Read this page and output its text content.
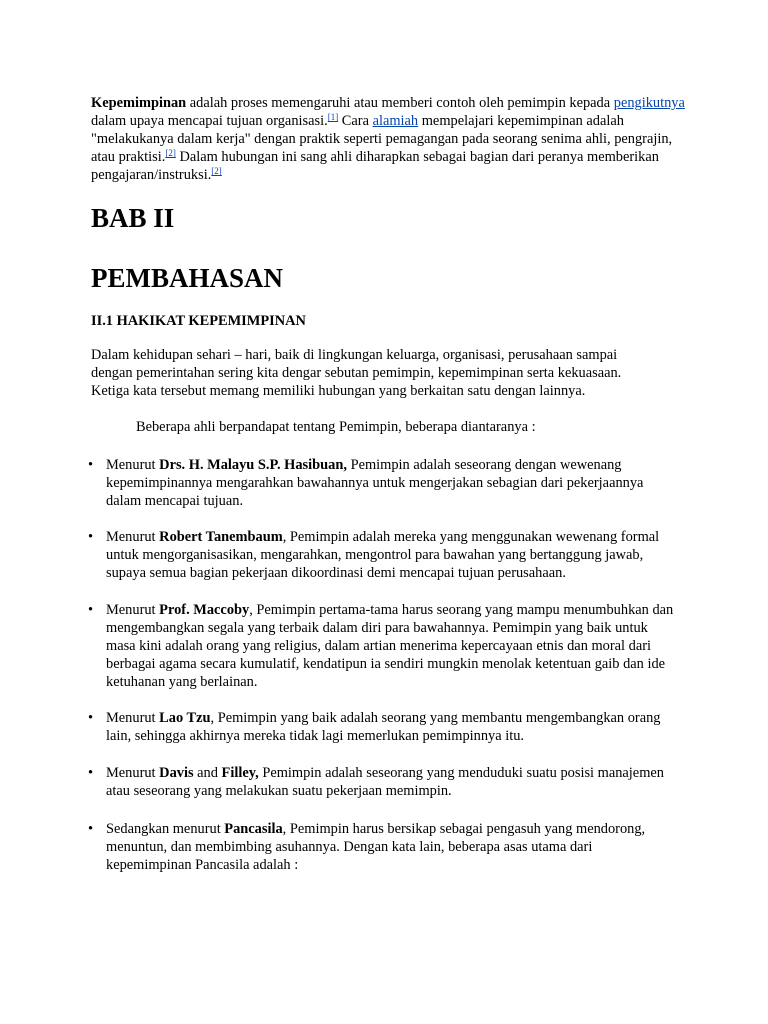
Kepemimpinan adalah proses memengaruhi atau memberi contoh oleh pemimpin kepada pengikutnya dalam upaya mencapai tujuan organisasi.[1] Cara alamiah mempelajari kepemimpinan adalah "melakukanya dalam kerja" dengan praktik seperti pemagangan pada seorang senima ahli, pengrajin, atau praktisi.[2] Dalam hubungan ini sang ahli diharapkan sebagai bagian dari peranya memberikan pengajaran/instruksi.[2]

BAB II
PEMBAHASAN
II.1 HAKIKAT KEPEMIMPINAN

Dalam kehidupan sehari – hari, baik di lingkungan keluarga, organisasi, perusahaan sampai dengan pemerintahan sering kita dengar sebutan pemimpin, kepemimpinan serta kekuasaan. Ketiga kata tersebut memang memiliki hubungan yang berkaitan satu dengan lainnya.

Beberapa ahli berpandapat tentang Pemimpin, beberapa diantaranya :

• Menurut Drs. H. Malayu S.P. Hasibuan, Pemimpin adalah seseorang dengan wewenang kepemimpinannya mengarahkan bawahannya untuk mengerjakan sebagian dari pekerjaannya dalam mencapai tujuan.
• Menurut Robert Tanembaum, Pemimpin adalah mereka yang menggunakan wewenang formal untuk mengorganisasikan, mengarahkan, mengontrol para bawahan yang bertanggung jawab, supaya semua bagian pekerjaan dikoordinasi demi mencapai tujuan perusahaan.
• Menurut Prof. Maccoby, Pemimpin pertama-tama harus seorang yang mampu menumbuhkan dan mengembangkan segala yang terbaik dalam diri para bawahannya. Pemimpin yang baik untuk masa kini adalah orang yang religius, dalam artian menerima kepercayaan etnis dan moral dari berbagai agama secara kumulatif, kendatipun ia sendiri mungkin menolak ketentuan gaib dan ide ketuhanan yang berlainan.
• Menurut Lao Tzu, Pemimpin yang baik adalah seorang yang membantu mengembangkan orang lain, sehingga akhirnya mereka tidak lagi memerlukan pemimpinnya itu.
• Menurut Davis and Filley, Pemimpin adalah seseorang yang menduduki suatu posisi manajemen atau seseorang yang melakukan suatu pekerjaan memimpin.
• Sedangkan menurut Pancasila, Pemimpin harus bersikap sebagai pengasuh yang mendorong, menuntun, dan membimbing asuhannya. Dengan kata lain, beberapa asas utama dari kepemimpinan Pancasila adalah :
